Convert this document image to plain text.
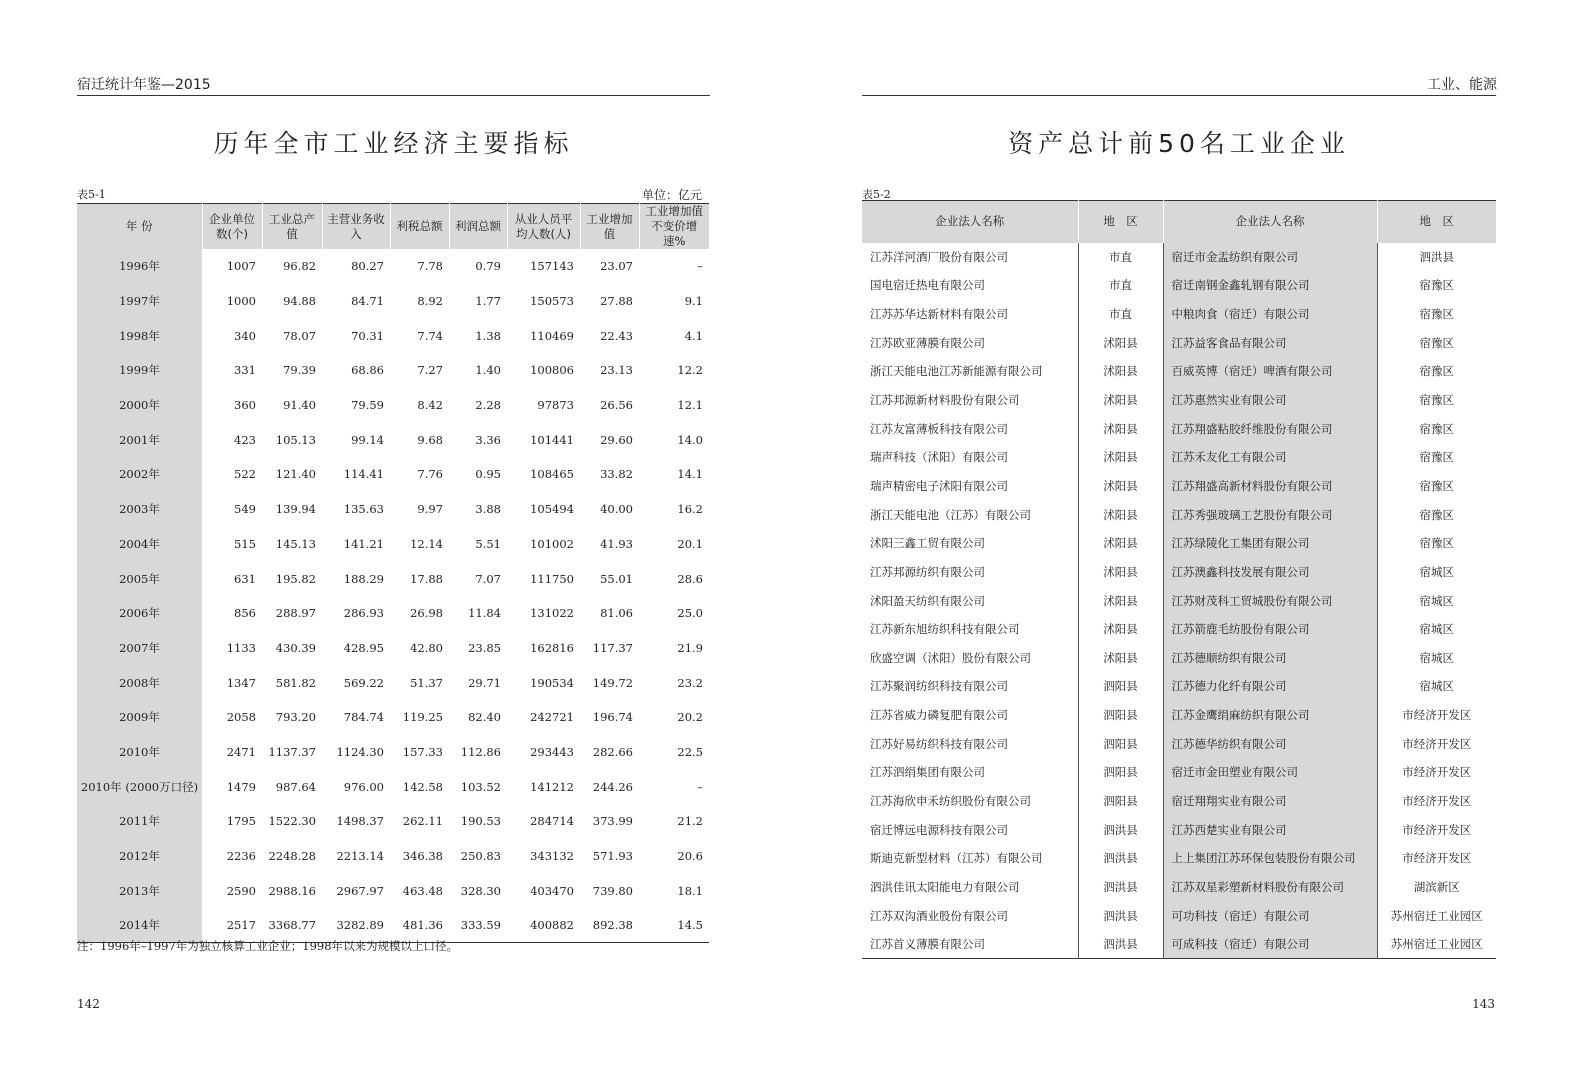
宿迁统计年鉴—2015
历年全市工业经济主要指标
表5-1	单位：亿元
年 份	企业单位数(个)	工业总产值	主营业务收入	利税总额	利润总额	从业人员平均人数(人)	工业增加值	工业增加值不变价增速%
1996年	1007	96.82	80.27	7.78	0.79	157143	23.07	–
1997年	1000	94.88	84.71	8.92	1.77	150573	27.88	9.1
1998年	340	78.07	70.31	7.74	1.38	110469	22.43	4.1
1999年	331	79.39	68.86	7.27	1.40	100806	23.13	12.2
2000年	360	91.40	79.59	8.42	2.28	97873	26.56	12.1
2001年	423	105.13	99.14	9.68	3.36	101441	29.60	14.0
2002年	522	121.40	114.41	7.76	0.95	108465	33.82	14.1
2003年	549	139.94	135.63	9.97	3.88	105494	40.00	16.2
2004年	515	145.13	141.21	12.14	5.51	101002	41.93	20.1
2005年	631	195.82	188.29	17.88	7.07	111750	55.01	28.6
2006年	856	288.97	286.93	26.98	11.84	131022	81.06	25.0
2007年	1133	430.39	428.95	42.80	23.85	162816	117.37	21.9
2008年	1347	581.82	569.22	51.37	29.71	190534	149.72	23.2
2009年	2058	793.20	784.74	119.25	82.40	242721	196.74	20.2
2010年	2471	1137.37	1124.30	157.33	112.86	293443	282.66	22.5
2010年 (2000万口径)	1479	987.64	976.00	142.58	103.52	141212	244.26	–
2011年	1795	1522.30	1498.37	262.11	190.53	284714	373.99	21.2
2012年	2236	2248.28	2213.14	346.38	250.83	343132	571.93	20.6
2013年	2590	2988.16	2967.97	463.48	328.30	403470	739.80	18.1
2014年	2517	3368.77	3282.89	481.36	333.59	400882	892.38	14.5
注：1996年–1997年为独立核算工业企业；1998年以来为规模以上口径。
142
工业、能源
资产总计前50名工业企业
表5-2
企业法人名称	地　区	企业法人名称	地　区
江苏洋河酒厂股份有限公司	市直	宿迁市金盂纺织有限公司	泗洪县
国电宿迁热电有限公司	市直	宿迁南钢金鑫轧钢有限公司	宿豫区
江苏苏华达新材料有限公司	市直	中粮肉食（宿迁）有限公司	宿豫区
江苏欧亚薄膜有限公司	沭阳县	江苏益客食品有限公司	宿豫区
浙江天能电池江苏新能源有限公司	沭阳县	百威英博（宿迁）啤酒有限公司	宿豫区
江苏邦源新材料股份有限公司	沭阳县	江苏惠然实业有限公司	宿豫区
江苏友富薄板科技有限公司	沭阳县	江苏翔盛粘胶纤维股份有限公司	宿豫区
瑞声科技（沭阳）有限公司	沭阳县	江苏禾友化工有限公司	宿豫区
瑞声精密电子沭阳有限公司	沭阳县	江苏翔盛高新材料股份有限公司	宿豫区
浙江天能电池（江苏）有限公司	沭阳县	江苏秀强玻璃工艺股份有限公司	宿豫区
沭阳三鑫工贸有限公司	沭阳县	江苏绿陵化工集团有限公司	宿豫区
江苏邦源纺织有限公司	沭阳县	江苏澳鑫科技发展有限公司	宿城区
沭阳盈天纺织有限公司	沭阳县	江苏财茂科工贸城股份有限公司	宿城区
江苏新东旭纺织科技有限公司	沭阳县	江苏箭鹿毛纺股份有限公司	宿城区
欣盛空调（沭阳）股份有限公司	沭阳县	江苏德顺纺织有限公司	宿城区
江苏聚润纺织科技有限公司	泗阳县	江苏德力化纤有限公司	宿城区
江苏省威力磷复肥有限公司	泗阳县	江苏金鹰绢麻纺织有限公司	市经济开发区
江苏好易纺织科技有限公司	泗阳县	江苏德华纺织有限公司	市经济开发区
江苏泗绢集团有限公司	泗阳县	宿迁市金田塑业有限公司	市经济开发区
江苏海欣申禾纺织股份有限公司	泗阳县	宿迁翔翔实业有限公司	市经济开发区
宿迁博远电源科技有限公司	泗洪县	江苏西楚实业有限公司	市经济开发区
斯迪克新型材料（江苏）有限公司	泗洪县	上上集团江苏环保包装股份有限公司	市经济开发区
泗洪佳讯太阳能电力有限公司	泗洪县	江苏双星彩塑新材料股份有限公司	湖滨新区
江苏双沟酒业股份有限公司	泗洪县	可功科技（宿迁）有限公司	苏州宿迁工业园区
江苏首义薄膜有限公司	泗洪县	可成科技（宿迁）有限公司	苏州宿迁工业园区
143
